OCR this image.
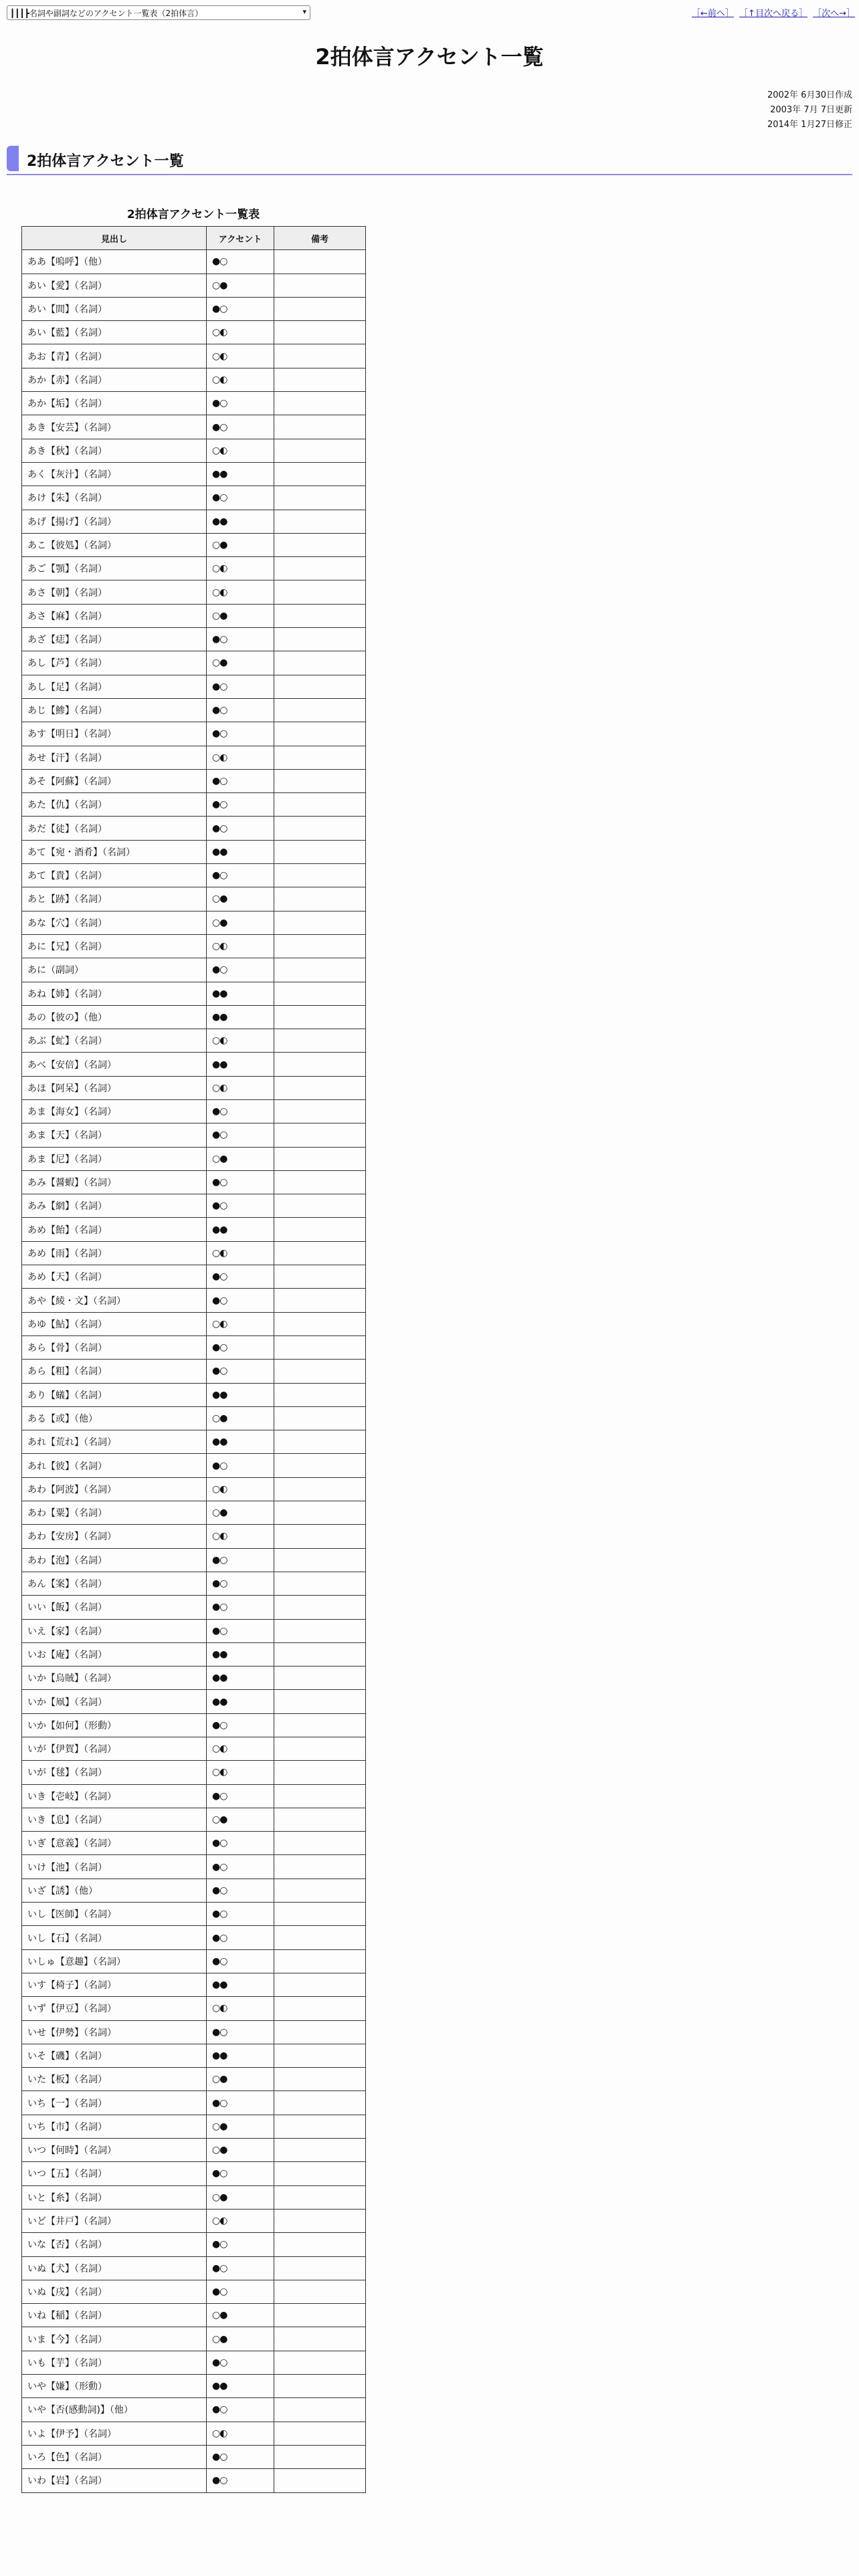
┃┃┃┣名詞や副詞などのアクセント一覧表（2拍体言）	▾	［←前へ］ ［↑目次へ戻る］ ［次へ→］
2拍体言アクセント一覧
2002年 6月30日作成
2003年 7月 7日更新
2014年 1月27日修正
2拍体言アクセント一覧
2拍体言アクセント一覧表
見出し	アクセント	備考
ああ【嗚呼】（他）	●○	
あい【愛】（名詞）	○●	
あい【間】（名詞）	●○	
あい【藍】（名詞）	○◐	
あお【青】（名詞）	○◐	
あか【赤】（名詞）	○◐	
あか【垢】（名詞）	●○	
あき【安芸】（名詞）	●○	
あき【秋】（名詞）	○◐	
あく【灰汁】（名詞）	●●	
あけ【朱】（名詞）	●○	
あげ【揚げ】（名詞）	●●	
あこ【彼処】（名詞）	○●	
あご【顎】（名詞）	○◐	
あさ【朝】（名詞）	○◐	
あさ【麻】（名詞）	○●	
あざ【痣】（名詞）	●○	
あし【芦】（名詞）	○●	
あし【足】（名詞）	●○	
あじ【鯵】（名詞）	●○	
あす【明日】（名詞）	●○	
あせ【汗】（名詞）	○◐	
あそ【阿蘇】（名詞）	●○	
あた【仇】（名詞）	●○	
あだ【徒】（名詞）	●○	
あて【宛・酒肴】（名詞）	●●	
あて【貴】（名詞）	●○	
あと【跡】（名詞）	○●	
あな【穴】（名詞）	○●	
あに【兄】（名詞）	○◐	
あに（副詞）	●○	
あね【姉】（名詞）	●●	
あの【彼の】（他）	●●	
あぶ【虻】（名詞）	○◐	
あべ【安倍】（名詞）	●●	
あほ【阿呆】（名詞）	○◐	
あま【海女】（名詞）	●○	
あま【天】（名詞）	●○	
あま【尼】（名詞）	○●	
あみ【醤蝦】（名詞）	●○	
あみ【網】（名詞）	●○	
あめ【飴】（名詞）	●●	
あめ【雨】（名詞）	○◐	
あめ【天】（名詞）	●○	
あや【綾・文】（名詞）	●○	
あゆ【鮎】（名詞）	○◐	
あら【骨】（名詞）	●○	
あら【粗】（名詞）	●○	
あり【蟻】（名詞）	●●	
ある【或】（他）	○●	
あれ【荒れ】（名詞）	●●	
あれ【彼】（名詞）	●○	
あわ【阿波】（名詞）	○◐	
あわ【粟】（名詞）	○●	
あわ【安房】（名詞）	○◐	
あわ【泡】（名詞）	●○	
あん【案】（名詞）	●○	
いい【飯】（名詞）	●○	
いえ【家】（名詞）	●○	
いお【庵】（名詞）	●●	
いか【烏賊】（名詞）	●●	
いか【凧】（名詞）	●●	
いか【如何】（形動）	●○	
いが【伊賀】（名詞）	○◐	
いが【毬】（名詞）	○◐	
いき【壱岐】（名詞）	●○	
いき【息】（名詞）	○●	
いぎ【意義】（名詞）	●○	
いけ【池】（名詞）	●○	
いざ【誘】（他）	●○	
いし【医師】（名詞）	●○	
いし【石】（名詞）	●○	
いしゅ【意趣】（名詞）	●○	
いす【椅子】（名詞）	●●	
いず【伊豆】（名詞）	○◐	
いせ【伊勢】（名詞）	●○	
いそ【磯】（名詞）	●●	
いた【板】（名詞）	○●	
いち【一】（名詞）	●○	
いち【市】（名詞）	○●	
いつ【何時】（名詞）	○●	
いつ【五】（名詞）	●○	
いと【糸】（名詞）	○●	
いど【井戸】（名詞）	○◐	
いな【否】（名詞）	●○	
いぬ【犬】（名詞）	●○	
いぬ【戌】（名詞）	●○	
いね【稲】（名詞）	○●	
いま【今】（名詞）	○●	
いも【芋】（名詞）	●○	
いや【嫌】（形動）	●●	
いや【否(感動詞)】（他）	●○	
いよ【伊予】（名詞）	○◐	
いろ【色】（名詞）	●○	
いわ【岩】（名詞）	●○	
